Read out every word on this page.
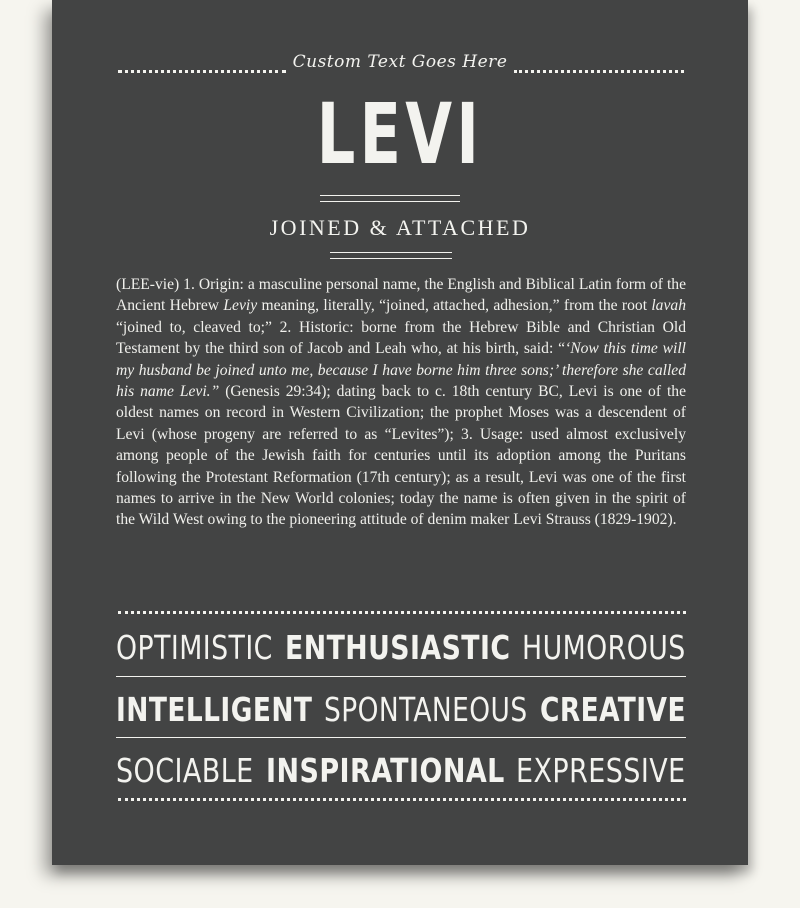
Custom Text Goes Here
LEVI
JOINED & ATTACHED
(LEE-vie) 1. Origin: a masculine personal name, the English and Biblical Latin form of the Ancient Hebrew Leviy meaning, literally, “joined, attached, adhesion,” from the root lavah “joined to, cleaved to;” 2. Historic: borne from the Hebrew Bible and Christian Old Testament by the third son of Jacob and Leah who, at his birth, said: “‘Now this time will my husband be joined unto me, because I have borne him three sons;’ therefore she called his name Levi.” (Genesis 29:34); dating back to c. 18th century BC, Levi is one of the oldest names on record in Western Civilization; the prophet Moses was a descendent of Levi (whose progeny are referred to as “Levites”); 3. Usage: used almost exclusively among people of the Jewish faith for centuries until its adoption among the Puritans following the Protestant Reformation (17th century); as a result, Levi was one of the first names to arrive in the New World colonies; today the name is often given in the spirit of the Wild West owing to the pioneering attitude of denim maker Levi Strauss (1829-1902).
OPTIMISTIC ENTHUSIASTIC HUMOROUS
INTELLIGENT SPONTANEOUS CREATIVE
SOCIABLE INSPIRATIONAL EXPRESSIVE
